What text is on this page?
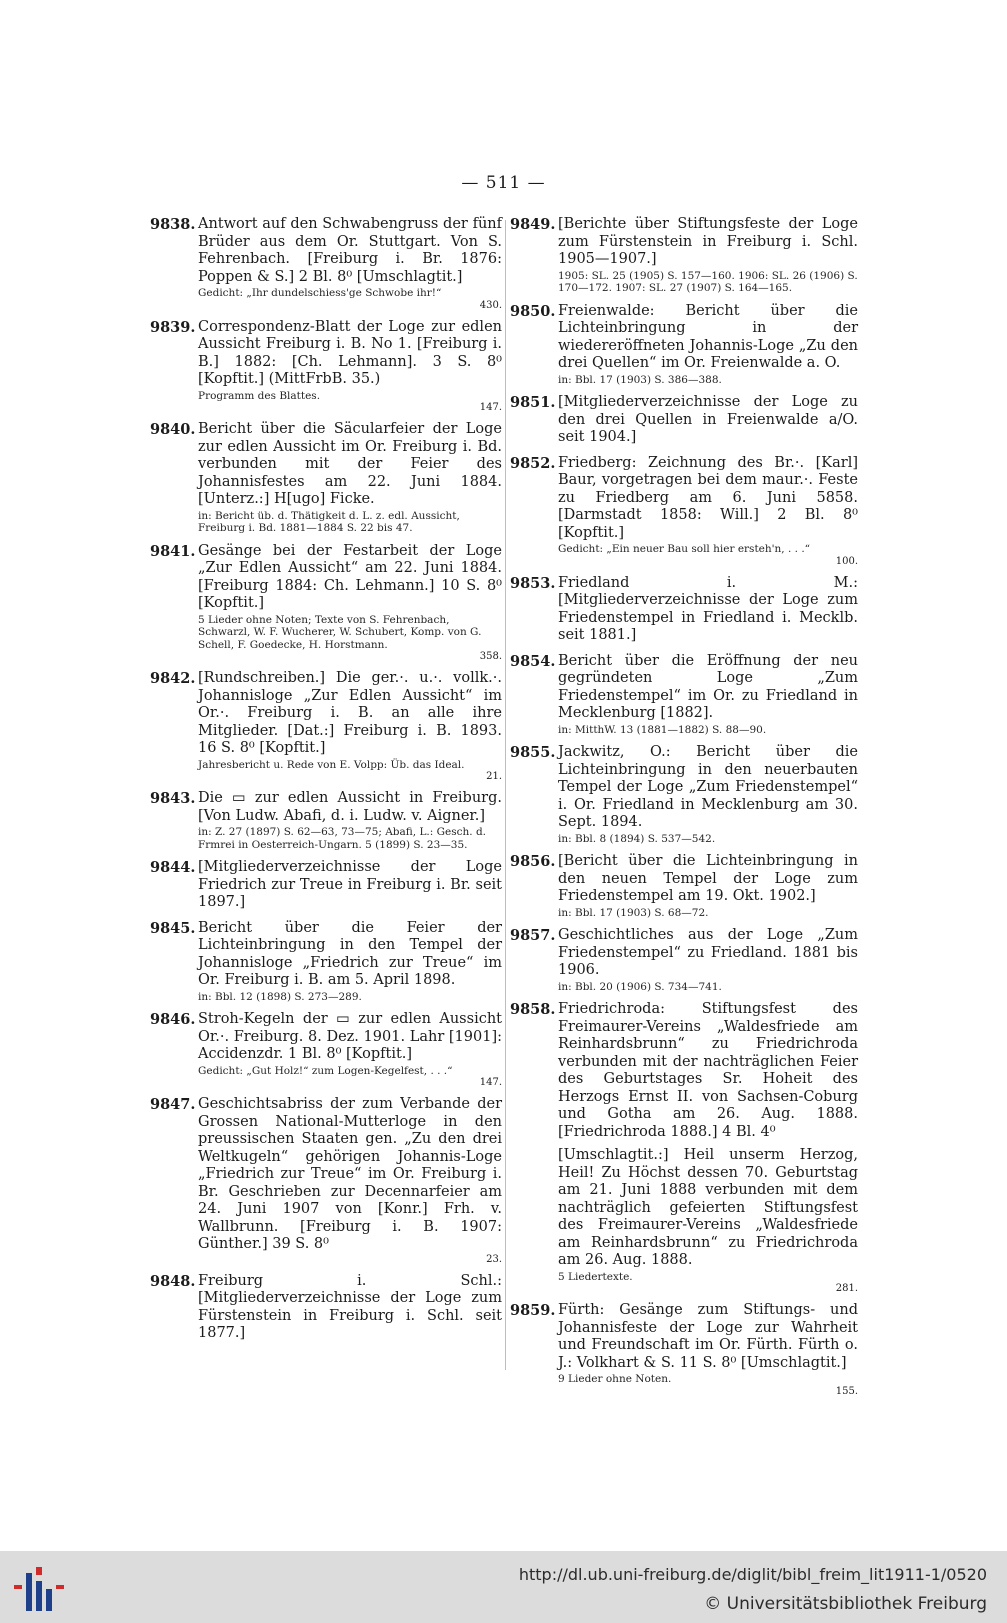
— 511 —
9838. Antwort auf den Schwabengruss der fünf Brüder aus dem Or. Stuttgart. Von S. Fehrenbach. [Freiburg i. Br. 1876: Poppen & S.] 2 Bl. 8⁰ [Umschlagtit.]
Gedicht: „Ihr dundelschiess'ge Schwobe ihr!“
430.
9839. Correspondenz-Blatt der Loge zur edlen Aussicht Freiburg i. B. No 1. [Freiburg i. B.] 1882: [Ch. Lehmann]. 3 S. 8⁰ [Kopftit.] (MittFrbB. 35.)
Programm des Blattes.
147.
9840. Bericht über die Säcularfeier der Loge zur edlen Aussicht im Or. Freiburg i. Bd. verbunden mit der Feier des Johannisfestes am 22. Juni 1884. [Unterz.:] H[ugo] Ficke.
in: Bericht üb. d. Thätigkeit d. L. z. edl. Aussicht, Freiburg i. Bd. 1881—1884 S. 22 bis 47.
9841. Gesänge bei der Festarbeit der Loge „Zur Edlen Aussicht“ am 22. Juni 1884. [Freiburg 1884: Ch. Lehmann.] 10 S. 8⁰ [Kopftit.]
5 Lieder ohne Noten; Texte von S. Fehrenbach, Schwarzl, W. F. Wucherer, W. Schubert, Komp. von G. Schell, F. Goedecke, H. Horstmann.
358.
9842. [Rundschreiben.] Die ger.·. u.·. vollk.·. Johannisloge „Zur Edlen Aussicht“ im Or.·. Freiburg i. B. an alle ihre Mitglieder. [Dat.:] Freiburg i. B. 1893. 16 S. 8⁰ [Kopftit.]
Jahresbericht u. Rede von E. Volpp: Üb. das Ideal.
21.
9843. Die ▭ zur edlen Aussicht in Freiburg. [Von Ludw. Abafi, d. i. Ludw. v. Aigner.]
in: Z. 27 (1897) S. 62—63, 73—75; Abafi, L.: Gesch. d. Frmrei in Oesterreich-Ungarn. 5 (1899) S. 23—35.
9844. [Mitgliederverzeichnisse der Loge Friedrich zur Treue in Freiburg i. Br. seit 1897.]
9845. Bericht über die Feier der Lichteinbringung in den Tempel der Johannisloge „Friedrich zur Treue“ im Or. Freiburg i. B. am 5. April 1898.
in: Bbl. 12 (1898) S. 273—289.
9846. Stroh-Kegeln der ▭ zur edlen Aussicht Or.·. Freiburg. 8. Dez. 1901. Lahr [1901]: Accidenzdr. 1 Bl. 8⁰ [Kopftit.]
Gedicht: „Gut Holz!“ zum Logen-Kegelfest, . . .“
147.
9847. Geschichtsabriss der zum Verbande der Grossen National-Mutterloge in den preussischen Staaten gen. „Zu den drei Weltkugeln“ gehörigen Johannis-Loge „Friedrich zur Treue“ im Or. Freiburg i. Br. Geschrieben zur Decennarfeier am 24. Juni 1907 von [Konr.] Frh. v. Wallbrunn. [Freiburg i. B. 1907: Günther.] 39 S. 8⁰
23.
9848. Freiburg i. Schl.: [Mitgliederverzeichnisse der Loge zum Fürstenstein in Freiburg i. Schl. seit 1877.]
9849. [Berichte über Stiftungsfeste der Loge zum Fürstenstein in Freiburg i. Schl. 1905—1907.]
1905: SL. 25 (1905) S. 157—160. 1906: SL. 26 (1906) S. 170—172. 1907: SL. 27 (1907) S. 164—165.
9850. Freienwalde: Bericht über die Lichteinbringung in der wiedereröffneten Johannis-Loge „Zu den drei Quellen“ im Or. Freienwalde a. O.
in: Bbl. 17 (1903) S. 386—388.
9851. [Mitgliederverzeichnisse der Loge zu den drei Quellen in Freienwalde a/O. seit 1904.]
9852. Friedberg: Zeichnung des Br.·. [Karl] Baur, vorgetragen bei dem maur.·. Feste zu Friedberg am 6. Juni 5858. [Darmstadt 1858: Will.] 2 Bl. 8⁰ [Kopftit.]
Gedicht: „Ein neuer Bau soll hier ersteh'n, . . .“
100.
9853. Friedland i. M.: [Mitgliederverzeichnisse der Loge zum Friedenstempel in Friedland i. Mecklb. seit 1881.]
9854. Bericht über die Eröffnung der neu gegründeten Loge „Zum Friedenstempel“ im Or. zu Friedland in Mecklenburg [1882].
in: MitthW. 13 (1881—1882) S. 88—90.
9855. Jackwitz, O.: Bericht über die Lichteinbringung in den neuerbauten Tempel der Loge „Zum Friedenstempel“ i. Or. Friedland in Mecklenburg am 30. Sept. 1894.
in: Bbl. 8 (1894) S. 537—542.
9856. [Bericht über die Lichteinbringung in den neuen Tempel der Loge zum Friedenstempel am 19. Okt. 1902.]
in: Bbl. 17 (1903) S. 68—72.
9857. Geschichtliches aus der Loge „Zum Friedenstempel“ zu Friedland. 1881 bis 1906.
in: Bbl. 20 (1906) S. 734—741.
9858. Friedrichroda: Stiftungsfest des Freimaurer-Vereins „Waldesfriede am Reinhardsbrunn“ zu Friedrichroda verbunden mit der nachträglichen Feier des Geburtstages Sr. Hoheit des Herzogs Ernst II. von Sachsen-Coburg und Gotha am 26. Aug. 1888. [Friedrichroda 1888.] 4 Bl. 4⁰
[Umschlagtit.:] Heil unserm Herzog, Heil! Zu Höchst dessen 70. Geburtstag am 21. Juni 1888 verbunden mit dem nachträglich gefeierten Stiftungsfest des Freimaurer-Vereins „Waldesfriede am Reinhardsbrunn“ zu Friedrichroda am 26. Aug. 1888.
5 Liedertexte.
281.
9859. Fürth: Gesänge zum Stiftungs- und Johannisfeste der Loge zur Wahrheit und Freundschaft im Or. Fürth. Fürth o. J.: Volkhart & S. 11 S. 8⁰ [Umschlagtit.]
9 Lieder ohne Noten.
155.
http://dl.ub.uni-freiburg.de/diglit/bibl_freim_lit1911-1/0520
© Universitätsbibliothek Freiburg
